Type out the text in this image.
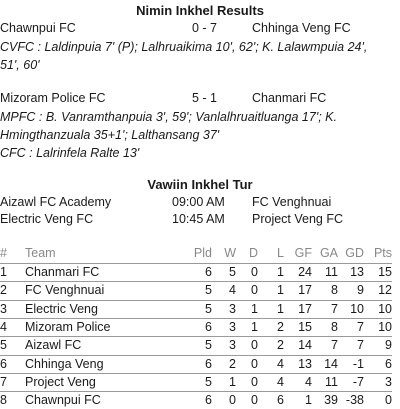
Nimin Inkhel Results
Chawnpui FC	0 - 7	Chhinga Veng FC
CVFC : Laldinpuia 7' (P); Lalhruaikima 10', 62'; K. Lalawmpuia 24',
51', 60'
Mizoram Police FC	5 - 1	Chanmari FC
MPFC : B. Vanramthanpuia 3', 59'; Vanlalhruaitluanga 17'; K.
Hmingthanzuala 35+1'; Lalthansang 37'
CFC : Lalrinfela Ralte 13'
Vawiin Inkhel Tur
Aizawl FC Academy	09:00 AM FC Venghnuai
Electric Veng FC	10:45 AM Project Veng FC
#	Team	Pld W	D	L GF GA GD Pts
1	Chanmari FC	6	5	0	1	24	11 13	15
2	FC Venghnuai	5	4	0	1	17	8	9	12
3	Electric Veng	5	3	1	1	17	7 10	10
4	Mizoram Police	6	3	1	2	15	8	7	10
5	Aizawl FC	5	3	0	2	14	7	7	9
6	Chhinga Veng	6	2	0	4	13 14	-1	6
7	Project Veng	5	1	0	4	4	11	-7	3
8	Chawnpui FC	6	0	0	6	1 39 -38	0
